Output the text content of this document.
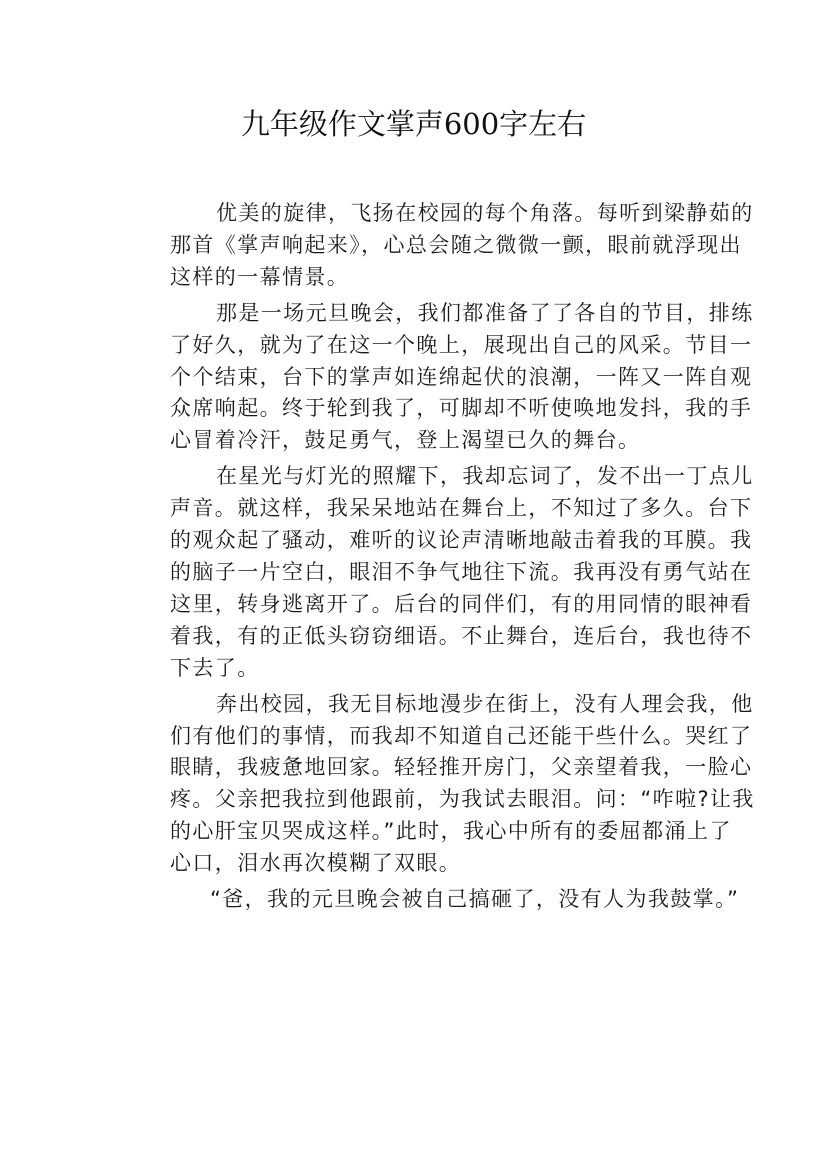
九年级作文掌声600字左右
优美的旋律，飞扬在校园的每个角落。每听到梁静茹的
那首《掌声响起来》，心总会随之微微一颤，眼前就浮现出
这样的一幕情景。
那是一场元旦晚会，我们都准备了了各自的节目，排练
了好久，就为了在这一个晚上，展现出自己的风采。节目一
个个结束，台下的掌声如连绵起伏的浪潮，一阵又一阵自观
众席响起。终于轮到我了，可脚却不听使唤地发抖，我的手
心冒着冷汗，鼓足勇气，登上渴望已久的舞台。
在星光与灯光的照耀下，我却忘词了，发不出一丁点儿
声音。就这样，我呆呆地站在舞台上，不知过了多久。台下
的观众起了骚动，难听的议论声清晰地敲击着我的耳膜。我
的脑子一片空白，眼泪不争气地往下流。我再没有勇气站在
这里，转身逃离开了。后台的同伴们，有的用同情的眼神看
着我，有的正低头窃窃细语。不止舞台，连后台，我也待不
下去了。
奔出校园，我无目标地漫步在街上，没有人理会我，他
们有他们的事情，而我却不知道自己还能干些什么。哭红了
眼睛，我疲惫地回家。轻轻推开房门，父亲望着我，一脸心
疼。父亲把我拉到他跟前，为我试去眼泪。问：“咋啦?让我
的心肝宝贝哭成这样。”此时，我心中所有的委屈都涌上了
心口，泪水再次模糊了双眼。
“爸，我的元旦晚会被自己搞砸了，没有人为我鼓掌。”
